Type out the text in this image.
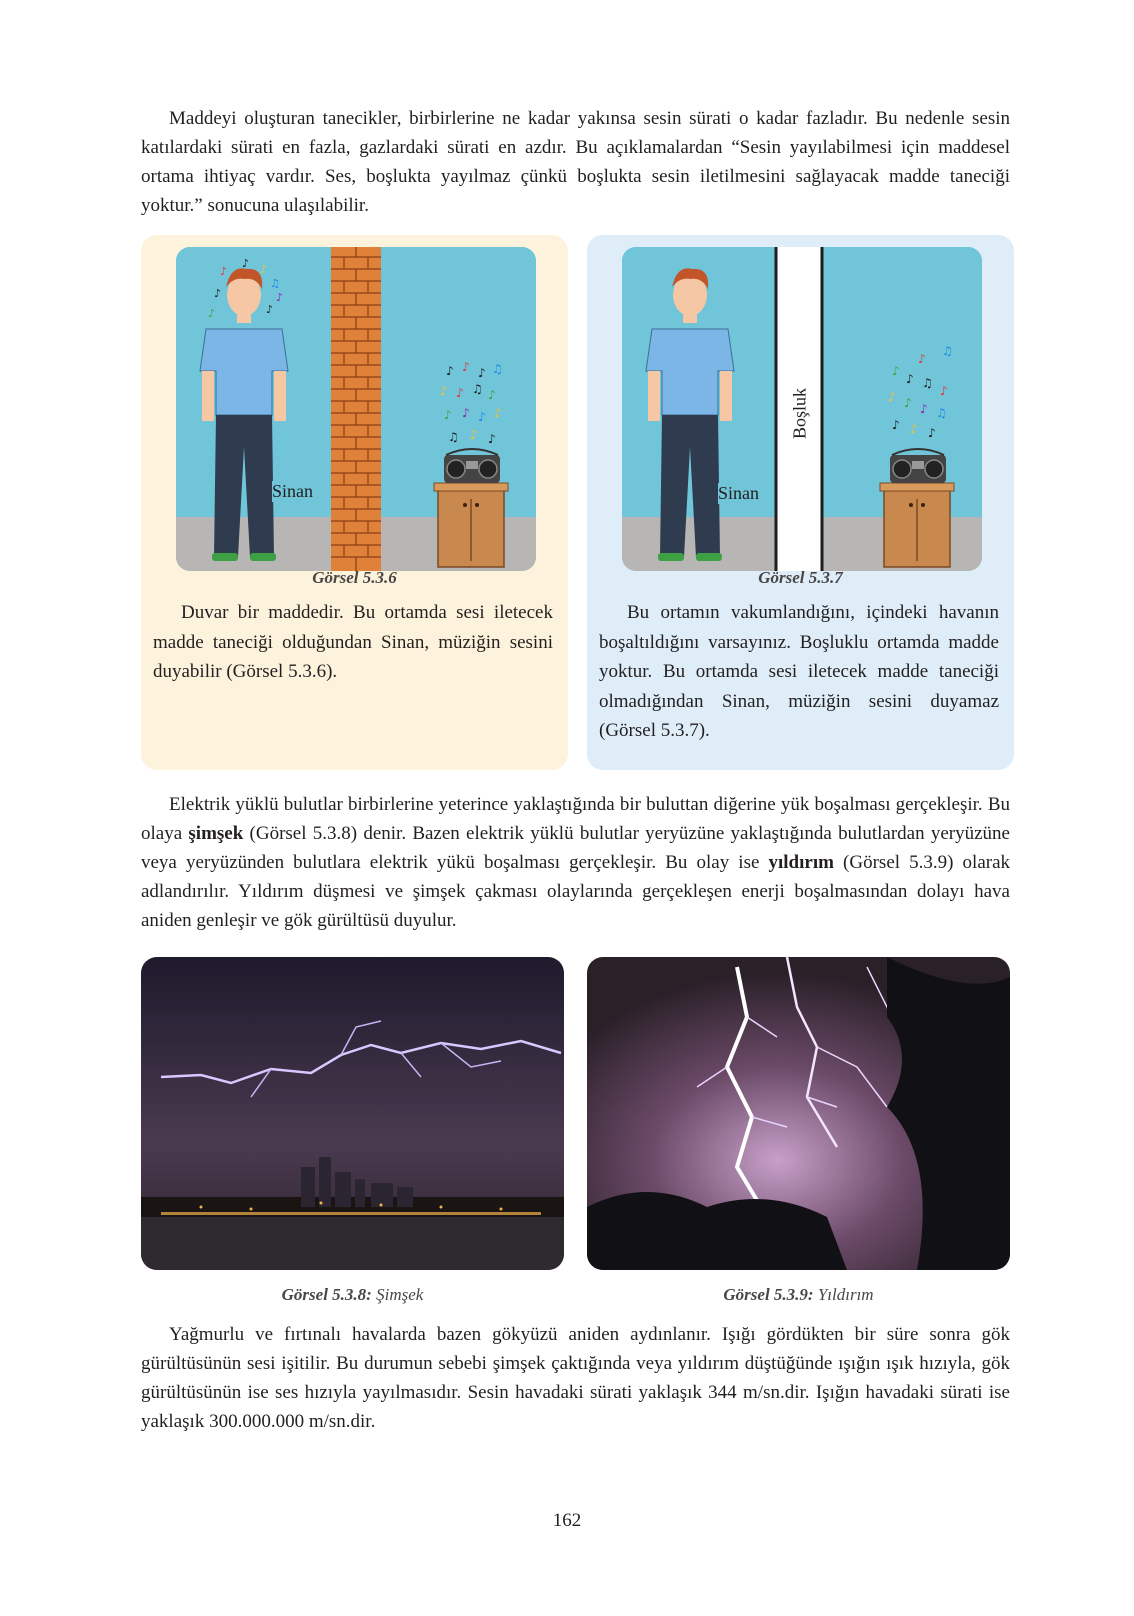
Maddeyi oluşturan tanecikler, birbirlerine ne kadar yakınsa sesin sürati o kadar fazladır. Bu nedenle sesin katılardaki sürati en fazla, gazlardaki sürati en azdır. Bu açıklamalardan “Sesin yayılabilmesi için maddesel ortama ihtiyaç vardır. Ses, boşlukta yayılmaz çünkü boşlukta sesin iletilmesini sağlayacak madde taneciği yoktur.” sonucuna ulaşılabilir.

♪
♪ ♪
♫
♪	♪
♪
♪
♪ ♪ ♪ ♫
♪ ♪ ♫ ♪
♪ ♪ ♪ ♪
♫ ♪ ♪
Sinan
Görsel 5.3.6

Duvar bir maddedir. Bu ortamda sesi iletecek madde taneciği olduğundan Sinan, müziğin sesini duyabilir (Görsel 5.3.6).

♫
♪
♪
♪ ♫
♪
♪ ♪ ♪ ♫
♪ ♪ ♪
Sinan
Boşluk
Görsel 5.3.7

Bu ortamın vakumlandığını, içindeki havanın boşaltıldığını varsayınız. Boşluklu ortamda madde yoktur. Bu ortamda sesi iletecek madde taneciği olmadığından Sinan, müziğin sesini duyamaz (Görsel 5.3.7).

Elektrik yüklü bulutlar birbirlerine yeterince yaklaştığında bir buluttan diğerine yük boşalması gerçekleşir. Bu olaya şimşek (Görsel 5.3.8) denir. Bazen elektrik yüklü bulutlar yeryüzüne yaklaştığında bulutlardan yeryüzüne veya yeryüzünden bulutlara elektrik yükü boşalması gerçekleşir. Bu olay ise yıldırım (Görsel 5.3.9) olarak adlandırılır. Yıldırım düşmesi ve şimşek çakması olaylarında gerçekleşen enerji boşalmasından dolayı hava aniden genleşir ve gök gürültüsü duyulur.

Görsel 5.3.8: Şimşek	Görsel 5.3.9: Yıldırım

Yağmurlu ve fırtınalı havalarda bazen gökyüzü aniden aydınlanır. Işığı gördükten bir süre sonra gök gürültüsünün sesi işitilir. Bu durumun sebebi şimşek çaktığında veya yıldırım düştüğünde ışığın ışık hızıyla, gök gürültüsünün ise ses hızıyla yayılmasıdır. Sesin havadaki sürati yaklaşık 344 m/sn.dir. Işığın havadaki sürati ise yaklaşık 300.000.000 m/sn.dir.

162
